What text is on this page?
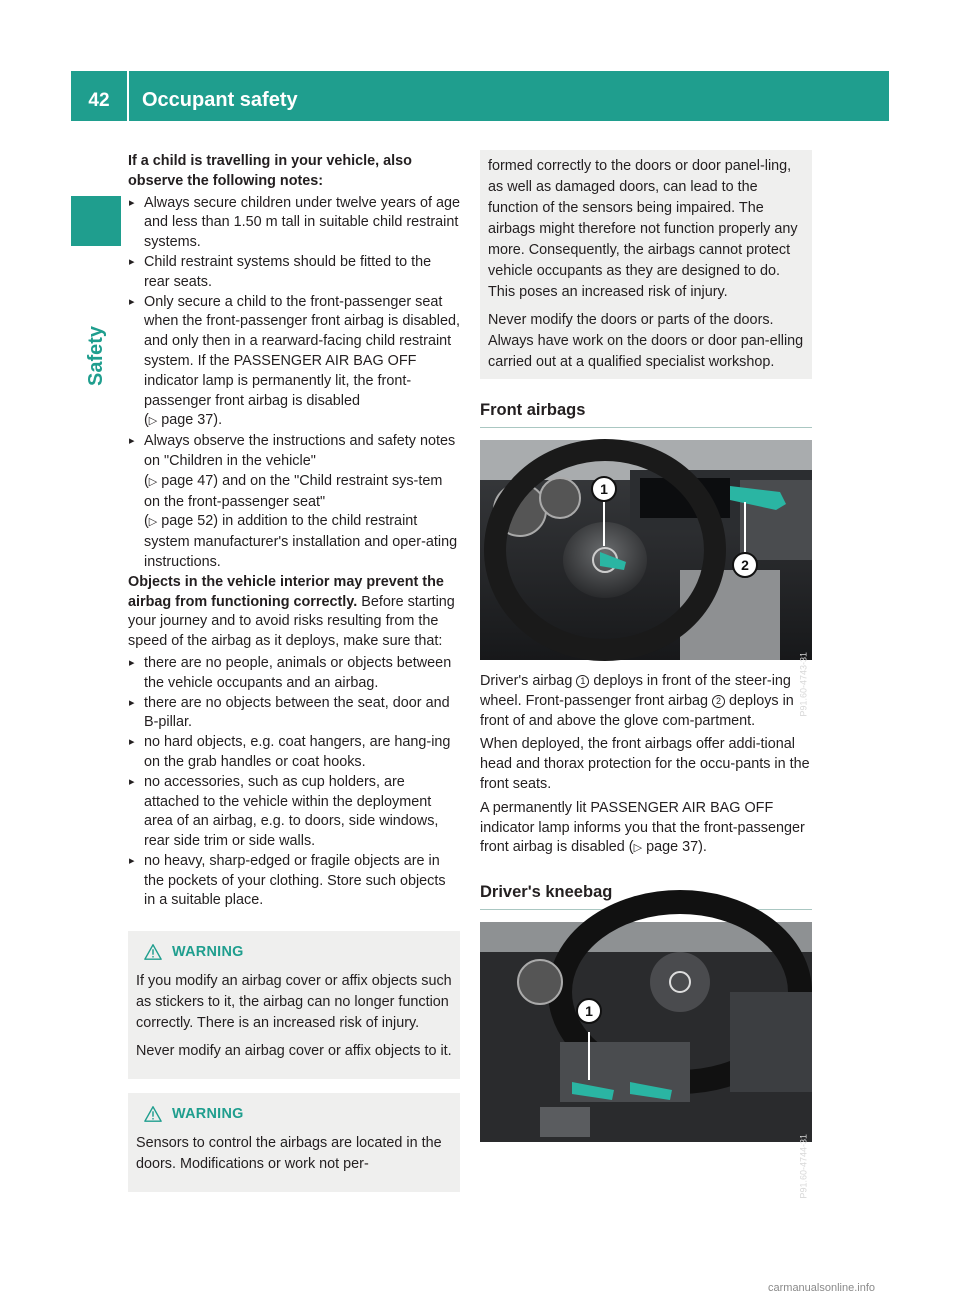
42	Occupant safety
Safety

If a child is travelling in your vehicle, also observe the following notes:

▸ Always secure children under twelve years of age and less than 1.50 m tall in suitable child restraint systems.
▸ Child restraint systems should be fitted to the rear seats.
▸ Only secure a child to the front-passenger seat when the front-passenger front airbag is disabled, and only then in a rearward-facing child restraint system. If the PASSENGER AIR BAG OFF indicator lamp is permanently lit, the front-passenger front airbag is disabled
(▷ page 37).
▸ Always observe the instructions and safety notes on "Children in the vehicle"
(▷ page 47) and on the "Child restraint sys-tem on the front-passenger seat"
(▷ page 52) in addition to the child restraint system manufacturer's installation and oper-ating instructions.

Objects in the vehicle interior may prevent the airbag from functioning correctly. Before starting your journey and to avoid risks resulting from the speed of the airbag as it deploys, make sure that:

▸ there are no people, animals or objects between the vehicle occupants and an airbag.
▸ there are no objects between the seat, door and B-pillar.
▸ no hard objects, e.g. coat hangers, are hang-ing on the grab handles or coat hooks.
▸ no accessories, such as cup holders, are attached to the vehicle within the deployment area of an airbag, e.g. to doors, side windows, rear side trim or side walls.
▸ no heavy, sharp-edged or fragile objects are in the pockets of your clothing. Store such objects in a suitable place.
WARNING

If you modify an airbag cover or affix objects such as stickers to it, the airbag can no longer function correctly. There is an increased risk of injury.

Never modify an airbag cover or affix objects to it.

WARNING

Sensors to control the airbags are located in the doors. Modifications or work not per-

formed correctly to the doors or door panel-ling, as well as damaged doors, can lead to the function of the sensors being impaired. The airbags might therefore not function properly any more. Consequently, the airbags cannot protect vehicle occupants as they are designed to do. This poses an increased risk of injury.

Never modify the doors or parts of the doors. Always have work on the doors or door pan-elling carried out at a qualified specialist workshop.

Front airbags
1
2
P91.60-4743-31

Driver's airbag 1 deploys in front of the steer-ing wheel. Front-passenger front airbag 2 deploys in front of and above the glove com-partment.

When deployed, the front airbags offer addi-tional head and thorax protection for the occu-pants in the front seats.

A permanently lit PASSENGER AIR BAG OFF indicator lamp informs you that the front-passenger front airbag is disabled (▷ page 37).

Driver's kneebag
1
P91.60-4744-31
carmanualsonline.info
